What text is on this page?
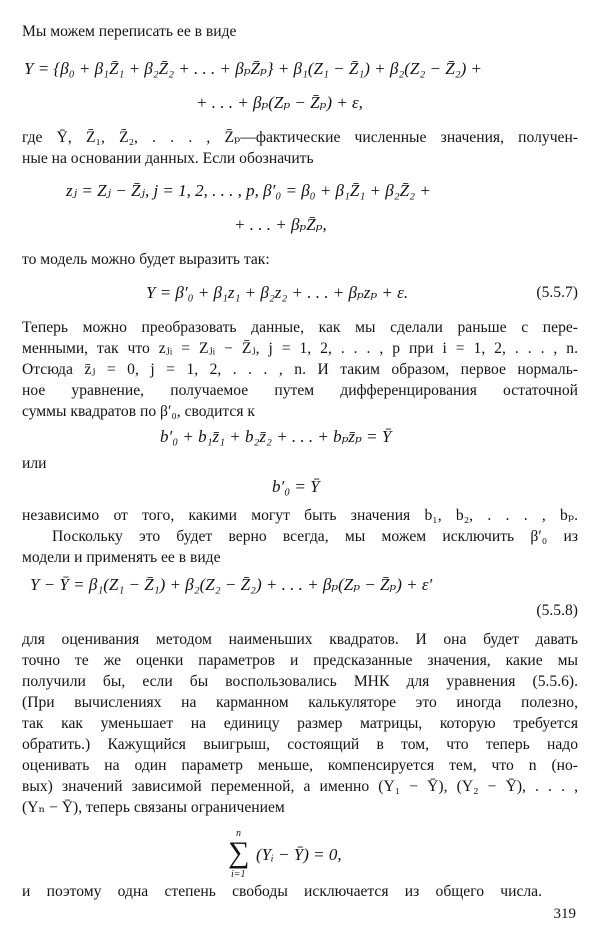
Мы можем переписать ее в виде
Y = {β₀ + β₁Z̄₁ + β₂Z̄₂ + . . . + βₚZ̄ₚ} + β₁(Z₁ − Z̄₁) + β₂(Z₂ − Z̄₂) +
+ . . . + βₚ(Zₚ − Z̄ₚ) + ε,
где Ȳ, Z̄₁, Z̄₂, . . . , Z̄ₚ—фактические численные значения, получен-
ные на основании данных. Если обозначить
zⱼ = Zⱼ − Z̄ⱼ, j = 1, 2, . . . , p, β′₀ = β₀ + β₁Z̄₁ + β₂Z̄₂ +
+ . . . + βₚZ̄ₚ,
то модель можно будет выразить так:
Y = β′₀ + β₁z₁ + β₂z₂ + . . . + βₚzₚ + ε.	(5.5.7)
Теперь можно преобразовать данные, как мы сделали раньше с пере-
менными, так что zⱼᵢ = Zⱼᵢ − Z̄ⱼ, j = 1, 2, . . . , p при i = 1, 2, . . . , n.
Отсюда z̄ⱼ = 0, j = 1, 2, . . . , n. И таким образом, первое нормаль-
ное уравнение, получаемое путем дифференцирования остаточной
суммы квадратов по β′₀, сводится к
b′₀ + b₁z̄₁ + b₂z̄₂ + . . . + bₚz̄ₚ = Ȳ
или
b′₀ = Ȳ
независимо от того, какими могут быть значения b₁, b₂, . . . , bₚ.
Поскольку это будет верно всегда, мы можем исключить β′₀ из
модели и применять ее в виде
Y − Ȳ = β₁(Z₁ − Z̄₁) + β₂(Z₂ − Z̄₂) + . . . + βₚ(Zₚ − Z̄ₚ) + ε′
(5.5.8)
для оценивания методом наименьших квадратов. И она будет давать
точно те же оценки параметров и предсказанные значения, какие мы
получили бы, если бы воспользовались МНК для уравнения (5.5.6).
(При вычислениях на карманном калькуляторе это иногда полезно,
так как уменьшает на единицу размер матрицы, которую требуется
обратить.) Кажущийся выигрыш, состоящий в том, что теперь надо
оценивать на один параметр меньше, компенсируется тем, что n (но-
вых) значений зависимой переменной, а именно (Y₁ − Ȳ), (Y₂ − Ȳ), . . . ,
(Yₙ − Ȳ), теперь связаны ограничением
n
∑
i=1
(Yᵢ − Ȳ) = 0,
и поэтому одна степень свободы исключается из общего числа.
319
